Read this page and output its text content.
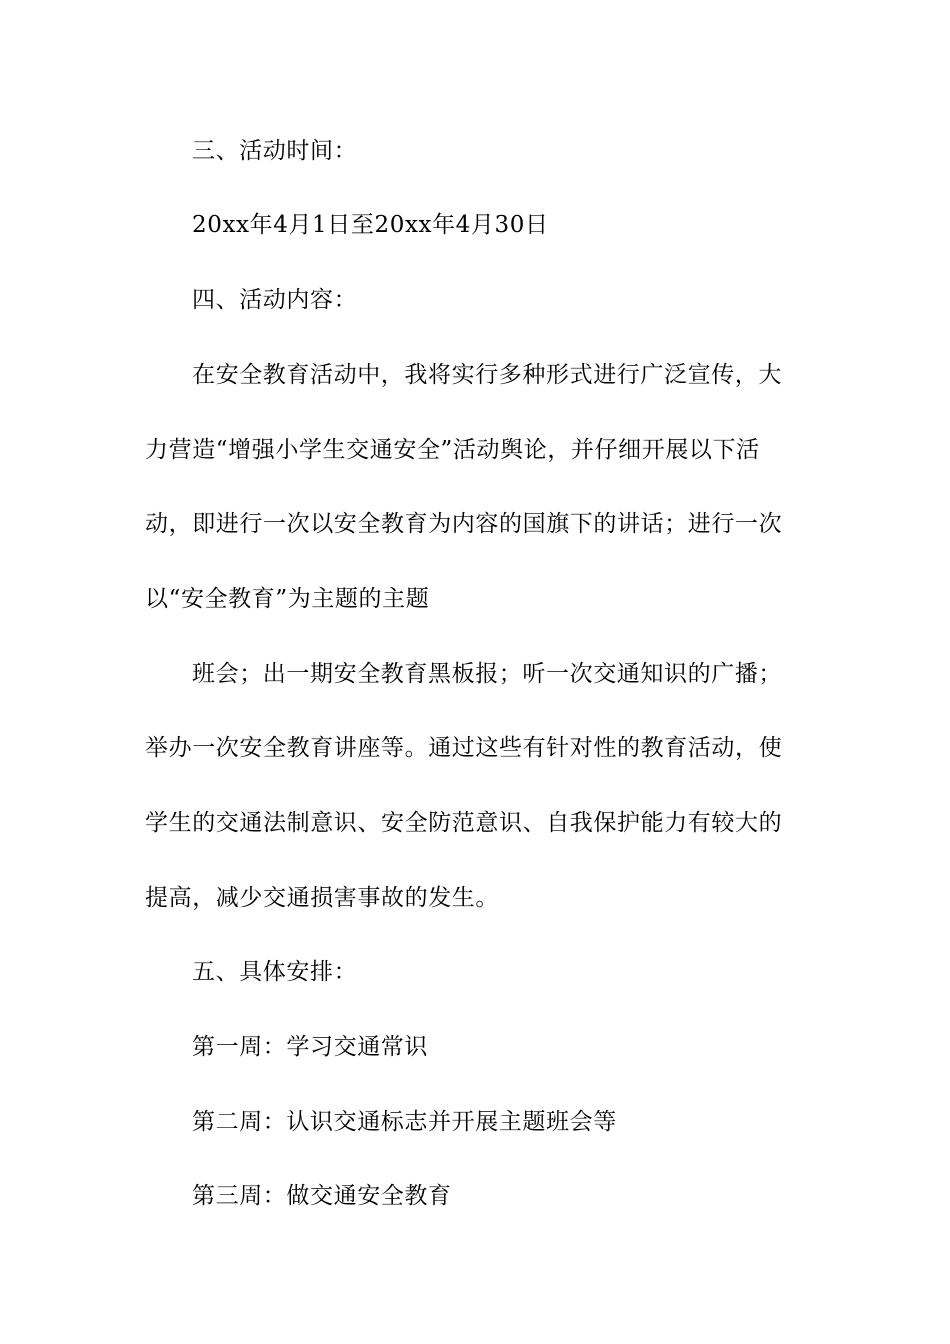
三、活动时间：
20xx年4月1日至20xx年4月30日
四、活动内容：
在安全教育活动中，我将实行多种形式进行广泛宣传，大
力营造“增强小学生交通安全”活动舆论，并仔细开展以下活
动，即进行一次以安全教育为内容的国旗下的讲话；进行一次
以“安全教育”为主题的主题
班会；出一期安全教育黑板报；听一次交通知识的广播；
举办一次安全教育讲座等。通过这些有针对性的教育活动，使
学生的交通法制意识、安全防范意识、自我保护能力有较大的
提高，减少交通损害事故的发生。
五、具体安排：
第一周：学习交通常识
第二周：认识交通标志并开展主题班会等
第三周：做交通安全教育
